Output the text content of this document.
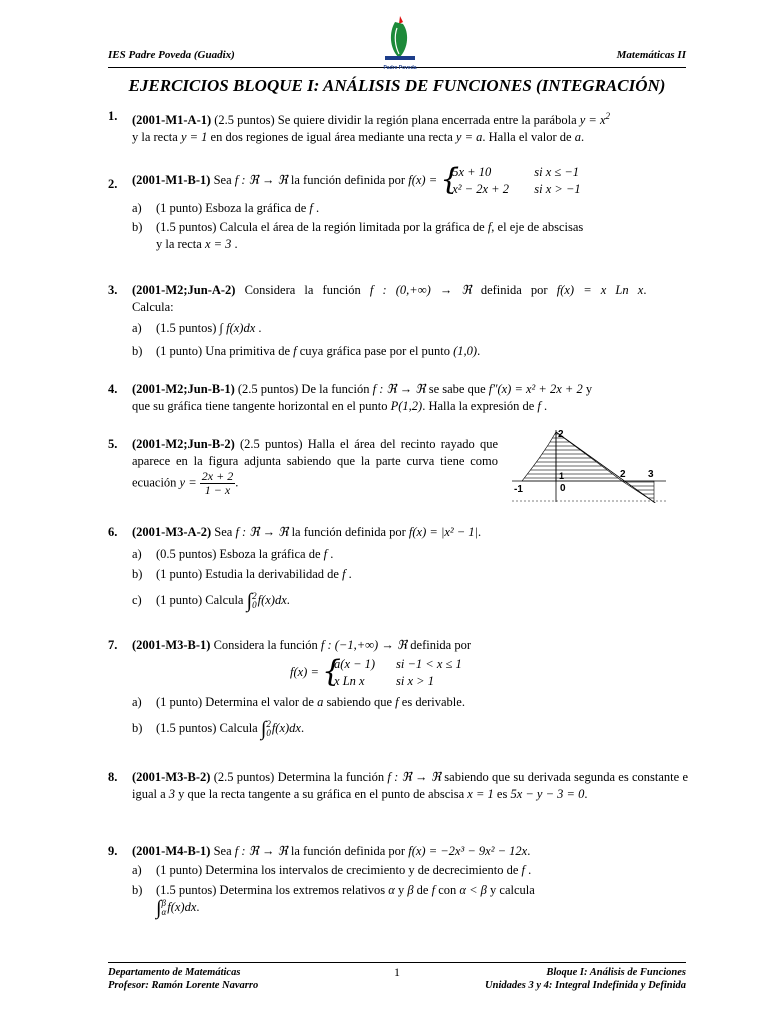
IES Padre Poveda (Guadix)	Matemáticas II
Padre Poveda
EJERCICIOS BLOQUE I: ANÁLISIS DE FUNCIONES (INTEGRACIÓN)
1. (2001-M1-A-1) (2.5 puntos) Se quiere dividir la región plana encerrada entre la parábola $y = x^2$
y la recta y = 1 en dos regiones de igual área mediante una recta y = a. Halla el valor de a.
2. (2001-M1-B-1) Sea f : ℜ → ℜ la función definida por f(x) = { 5x + 10	si x ≤ −1
x² − 2x + 2 si x > −1
a) (1 punto) Esboza la gráfica de f .
b) (1.5 puntos) Calcula el área de la región limitada por la gráfica de f, el eje de abscisas
y la recta x = 3 .
3. (2001-M2;Jun-A-2) Considera la función f : (0,+∞) → ℜ definida por f(x) = x Ln x.
Calcula:
a) (1.5 puntos) ∫ f(x)dx .
b) (1 punto) Una primitiva de f cuya gráfica pase por el punto (1,0).
4. (2001-M2;Jun-B-1) (2.5 puntos) De la función f : ℜ → ℜ se sabe que f″(x) = x² + 2x + 2 y
que su gráfica tiene tangente horizontal en el punto P(1,2). Halla la expresión de f .
5. (2001-M2;Jun-B-2) (2.5 puntos) Halla el área del recinto rayado que aparece en la figura adjunta sabiendo que la parte curva tiene como ecuación $y = \frac{2x + 2}{1 - x}$ .
2
1
0
-1
2 3
6. (2001-M3-A-2) Sea f : ℜ → ℜ la función definida por f(x) = |x² − 1|.
a) (0.5 puntos) Esboza la gráfica de f .
b) (1 punto) Estudia la derivabilidad de f .
c) (1 punto) Calcula ∫2
0f(x)dx.
7. (2001-M3-B-1) Considera la función f : (−1,+∞) → ℜ definida por
f(x) = { a(x − 1) si −1 < x ≤ 1
x Ln x	si x > 1
a) (1 punto) Determina el valor de a sabiendo que f es derivable.
b) (1.5 puntos) Calcula ∫2
0f(x)dx.
8. (2001-M3-B-2) (2.5 puntos) Determina la función f : ℜ → ℜ sabiendo que su derivada segunda es constante e igual a 3 y que la recta tangente a su gráfica en el punto de abscisa x = 1 es 5x − y − 3 = 0.
9. (2001-M4-B-1) Sea f : ℜ → ℜ la función definida por f(x) = −2x³ − 9x² − 12x.
a) (1 punto) Determina los intervalos de crecimiento y de decrecimiento de f .
b) (1.5 puntos) Determina los extremos relativos α y β de f con α < β y calcula
∫β
αf(x)dx.
Departamento de Matemáticas
Profesor: Ramón Lorente Navarro
1	Bloque I: Análisis de Funciones
Unidades 3 y 4: Integral Indefinida y Definida
